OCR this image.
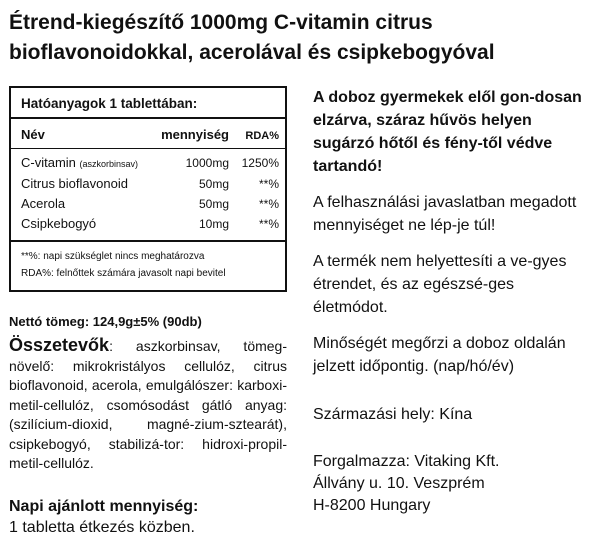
Étrend-kiegészítő 1000mg C-vitamin citrus
bioflavonoidokkal, acerolával és csipkebogyóval
Hatóanyagok 1 tablettában:
Név	mennyiség	RDA%
C-vitamin (aszkorbinsav)	1000mg	1250%
Citrus bioflavonoid	50mg	**%
Acerola	50mg	**%
Csipkebogyó	10mg	**%
**%: napi szükséglet nincs meghatározva
RDA%: felnőttek számára javasolt napi bevitel
Nettó tömeg: 124,9g±5% (90db)
Összetevők: aszkorbinsav, tömeg-növelő: mikrokristályos cellulóz, citrus bioflavonoid, acerola, emulgálószer: karboxi-metil-cellulóz, csomósodást gátló anyag: (szilícium-dioxid, magné-zium-sztearát), csipkebogyó, stabilizá-tor: hidroxi-propil-metil-cellulóz.
Napi ajánlott mennyiség:
1 tabletta étkezés közben.
A doboz gyermekek elől gon-dosan elzárva, száraz hűvös helyen sugárzó hőtől és fény-től védve tartandó!
A felhasználási javaslatban megadott mennyiséget ne lép-je túl!
A termék nem helyettesíti a ve-gyes étrendet, és az egészsé-ges életmódot.
Minőségét megőrzi a doboz oldalán jelzett időpontig. (nap/hó/év)
Származási hely: Kína
Forgalmazza: Vitaking Kft.
Állvány u. 10. Veszprém
H-8200 Hungary
